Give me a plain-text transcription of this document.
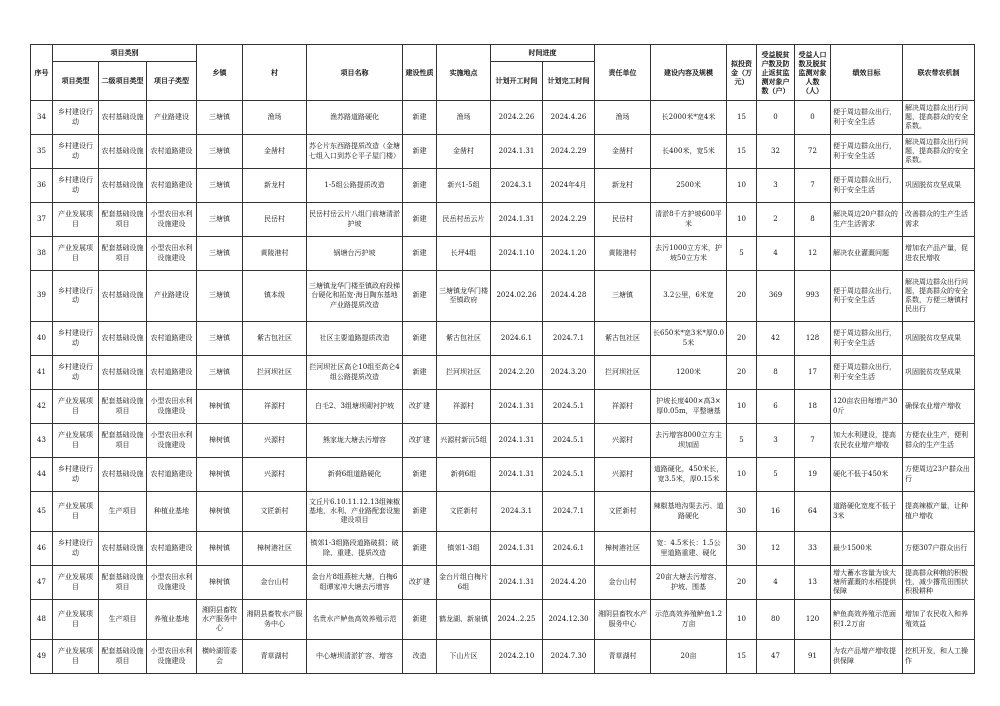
序号	项目类别			乡镇	村	项目名称	建设性质	实施地点	时间进度		责任单位	建设内容及规模	拟投资金（万元）	受益脱贫户数及防止返贫监测对象户数（户）	受益人口数及脱贫监测对象人数（人）	绩效目标	联农带农机制
	项目类型	二级项目类型	项目子类型						计划开工时间	计划完工时间							
34	乡村建设行动	农村基础设施	产业路建设	三塘镇	渔场	渔苏路道路硬化	新建	渔场	2024.2.26	2024.4.26	渔场	长2000米*宽4米	15	0	0	便于周边群众出行，利于安全生活	解决周边群众出行问题，提高群众的安全系数。
35	乡村建设行动	农村基础设施	农村道路建设	三塘镇	金凿村	苏仑片东西路提质改造（金塘七组入口到苏仑平子屋门楼）	新建	金凿村	2024.1.31	2024.2.29	金凿村	长400米，宽5米	15	32	72	便于周边群众出行，利于安全生活	解决周边群众出行问题，提高群众的安全系数。
36	乡村建设行动	农村基础设施	农村道路建设	三塘镇	新龙村	1-5组公路提质改造	新建	新兴1-5组	2024.3.1	2024年4月	新龙村	2500米	10	3	7	便于周边群众出行，利于安全生活	巩固脱贫攻坚成果
37	产业发展项目	配套基础设施项目	小型农田水利设施建设	三塘镇	民岳村	民岳村岳云片八组门前塘清淤护坡	新建	民岳村岳云片	2024.1.31	2024.2.29	民岳村	清淤8千方护坡600平米	10	2	8	解决周边20户群众的生产生活需求	改善群众的生产生活需求
38	产业发展项目	配套基础设施项目	小型农田水利设施建设	三塘镇	黄陵港村	锅塘台污护坡	新建	长坪4组	2024.1.10	2024.1.20	黄陵港村	去污1000立方米，护坡50立方米	5	4	12	解决农业灌溉问题	增加农产品产量，促进农民增收
39	乡村建设行动	农村基础设施	产业路建设	三塘镇	镇本级	三塘镇龙华门楼至镇政府段梯台硬化和拓宽·海日陶东基地产业路提质改造	新建	三塘镇龙华门楼至镇政府	2024.02.26	2024.4.28	三塘镇	3.2公里，6米宽	20	369	993	便于周边群众出行，利于安全生活	解决周边群众出行问题，提高群众的安全系数，方便三塘镇村民出行
40	乡村建设行动	农村基础设施	农村道路建设	三塘镇	紫古包社区	社区主要道路提质改造	新建	紫古包社区	2024.6.1	2024.7.1	紫古包社区	长650米*宽3米*厚0.05米	20	42	128	便于周边群众出行，利于安全生活	巩固脱贫攻坚成果
41	乡村建设行动	农村基础设施	农村道路建设	三塘镇	拦河坝社区	拦河坝社区高仑10组至高仑4组公路提质改造	新建	拦河坝社区	2024.2.20	2024.3.20	拦河坝社区	1200米	20	8	17	便于周边群众出行，利于安全生活	巩固脱贫攻坚成果
42	产业发展项目	配套基础设施项目	小型农田水利设施建设	樟树镇	祥源村	白毛2、3组塘坝砌衬护坡	改扩建	祥源村	2024.1.31	2024.5.1	祥源村	护坡长度400×高3×厚0.05m，平整塘基	10	6	18	120亩农田每增产300斤	确保农业增产增收
43	产业发展项目	配套基础设施项目	小型农田水利设施建设	樟树镇	兴源村	熊家垅大塘去污增容	改扩建	兴源村新沅5组	2024.1.31	2024.5.1	兴源村	去污增容8000立方主坝加固	5	3	7	加大水利建设，提高农民农业增产增收	方便农业生产，便利群众的生产生活
44	乡村建设行动	农村基础设施	农村道路建设	樟树镇	兴源村	新荷6组道路硬化	新建	新荷6组	2024.1.31	2024.5.1	兴源村	道路硬化，450米长，宽3.5米，厚0.15米	10	5	19	硬化不低于450米	方便周边23户群众出行
45	产业发展项目	生产项目	种植业基地	樟树镇	文匠新村	文丘片6.10.11.12.13组辣椒基地，水利、产业路配套设施建设项目	新建	文匠新村	2024.3.1	2024.7.1	文匠新村	辣椒基地沟渠去污、道路硬化	30	16	64	道路硬化宽度不低于3米	提高辣椒产量，让种植户增收
46	乡村建设行动	农村基础设施	农村道路建设	樟树镇	樟树港社区	镇郊1-3组路段道路破损；破除、重建、提质改造	新建	镇郊1-3组	2024.1.31	2024.6.1	樟树港社区	宽：4.5米长：1.5公里道路重建、硬化	30	12	33	最少1500米	方便307户群众出行
47	产业发展项目	配套基础设施项目	小型农田水利设施建设	樟树镇	金台山村	金台片8组燕桩大塘，白梅6组谭家冲大塘去污增容	改扩建	金台片组白梅片6组	2024.1.31	2024.4.20	金台山村	20亩大塘去污增容、护坡、围基	20	4	13	增大蓄水容量为该大塘所灌溉的水稻提供保障	提高群众种粮的积极性，减少撂荒田围状积极耕种
48	产业发展项目	生产项目	养殖业基地	湘阴县畜牧水产服务中心	湘阴县畜牧水产服务中心	名贵水产鲈鱼高效养殖示范	新建	鹤龙湖、新泉镇	2024..2.25	2024.12.30	湘阴县畜牧水产服务中心	示范高效养殖鲈鱼1.2万亩	10	80	120	鲈鱼高效养殖示范面积1.2万亩	增加了农民收入和养殖效益
49	产业发展项目	配套基础设施项目	小型农田水利设施建设	横岭湖管委会	青草湖村	中心塘坝清淤扩容、增容	改造	下山片区	2024.2.10	2024.7.30	青草湖村	20亩	15	47	91	为农产品增产增收提供保障	挖机开发，和人工操作
